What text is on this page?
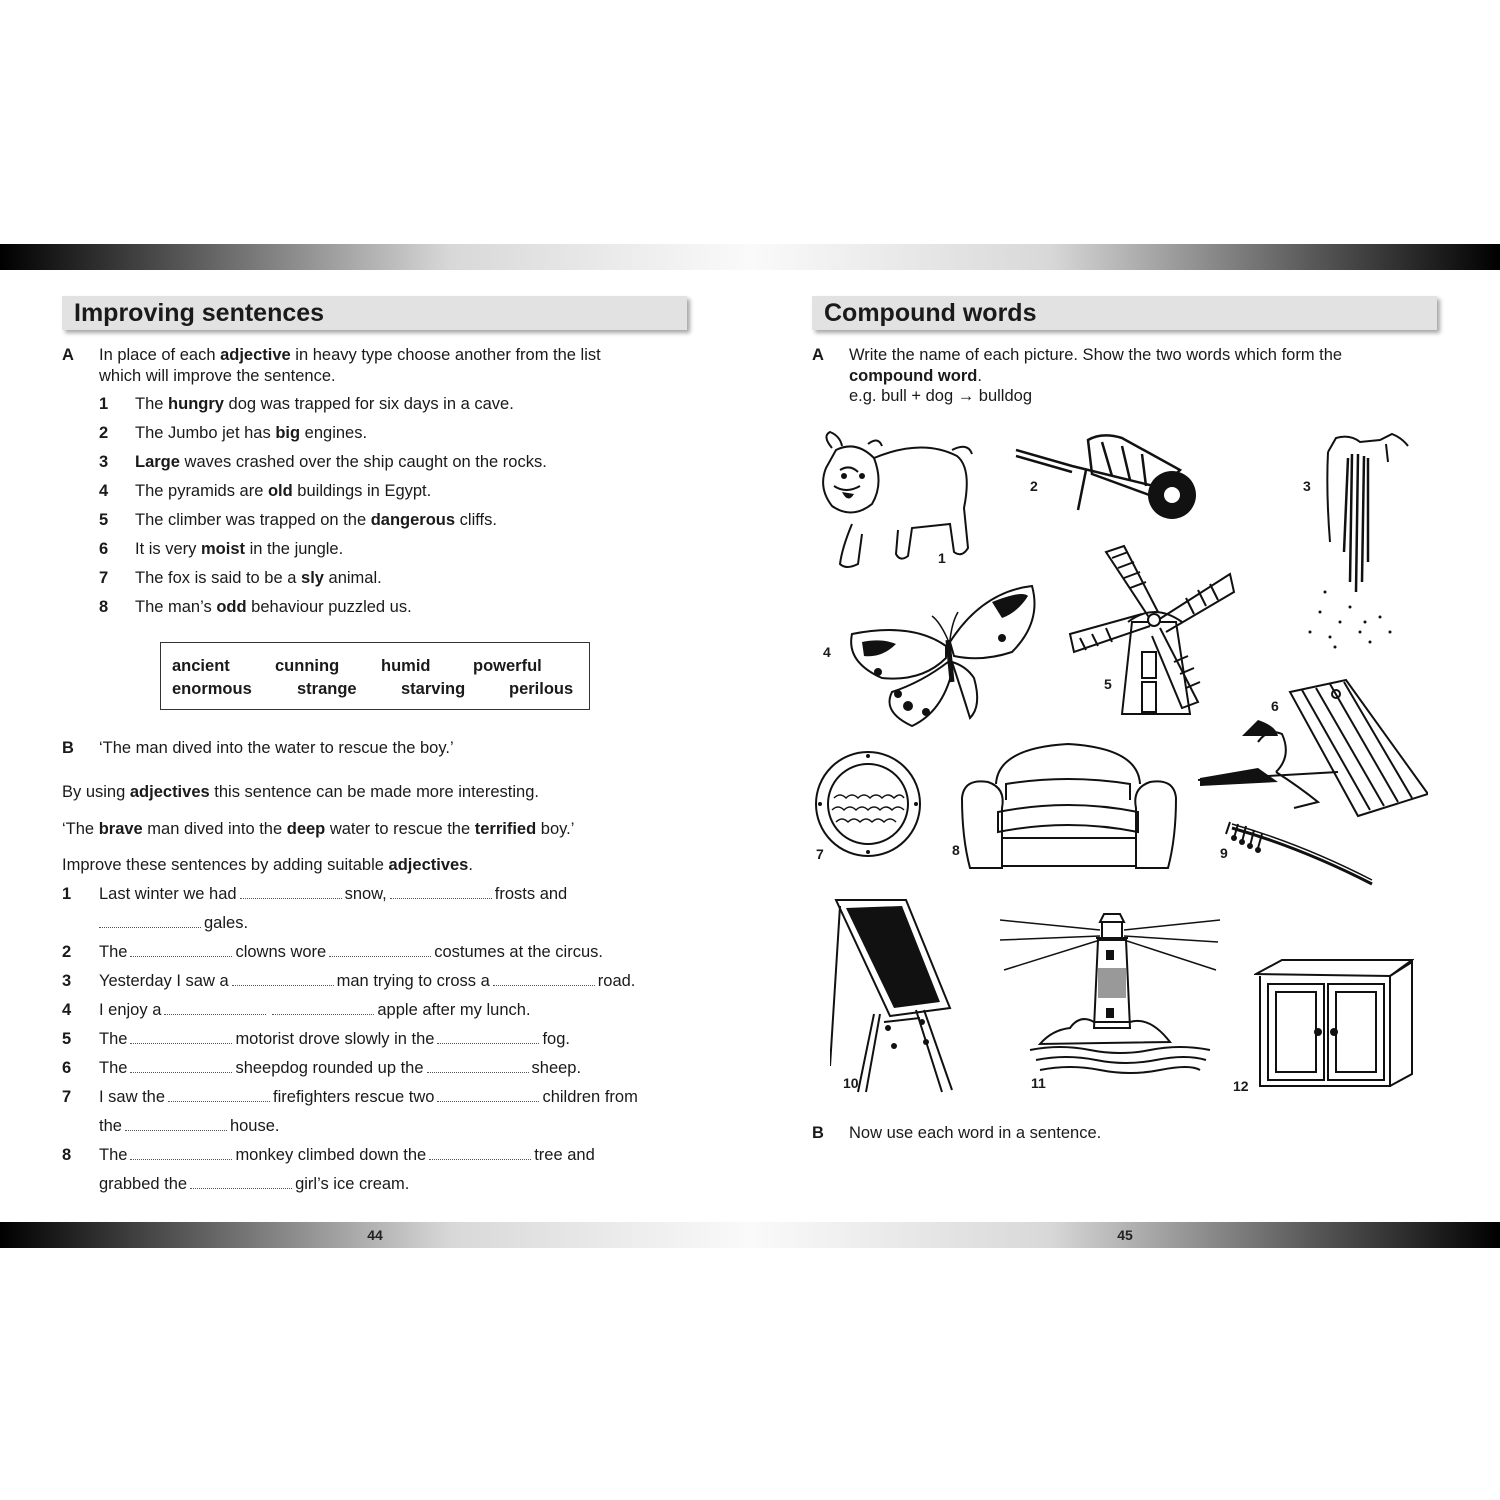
Improving sentences
A In place of each adjective in heavy type choose another from the list
which will improve the sentence.
1 The hungry dog was trapped for six days in a cave.
2 The Jumbo jet has big engines.
3 Large waves crashed over the ship caught on the rocks.
4 The pyramids are old buildings in Egypt.
5 The climber was trapped on the dangerous cliffs.
6 It is very moist in the jungle.
7 The fox is said to be a sly animal.
8 The man’s odd behaviour puzzled us.
ancient	cunning	humid	powerful
enormous	strange	starving	perilous
B ‘The man dived into the water to rescue the boy.’
By using adjectives this sentence can be made more interesting.
‘The brave man dived into the deep water to rescue the terrified boy.’
Improve these sentences by adding suitable adjectives.
1 Last winter we had	snow,	frosts and
gales.
2 The	clowns wore	costumes at the circus.
3 Yesterday I saw a	man trying to cross a	road.
4 I enjoy a	apple after my lunch.
5 The	motorist drove slowly in the	fog.
6 The	sheepdog rounded up the	sheep.
7 I saw the	firefighters rescue two	children from
the	house.
8 The	monkey climbed down the	tree and
grabbed the	girl’s ice cream.
44
Compound words
A Write the name of each picture. Show the two words which form the
compound word.
e.g. bull + dog → bulldog
1
2	3
4
5
6
7	8	9
10	11	12
B Now use each word in a sentence.
45
